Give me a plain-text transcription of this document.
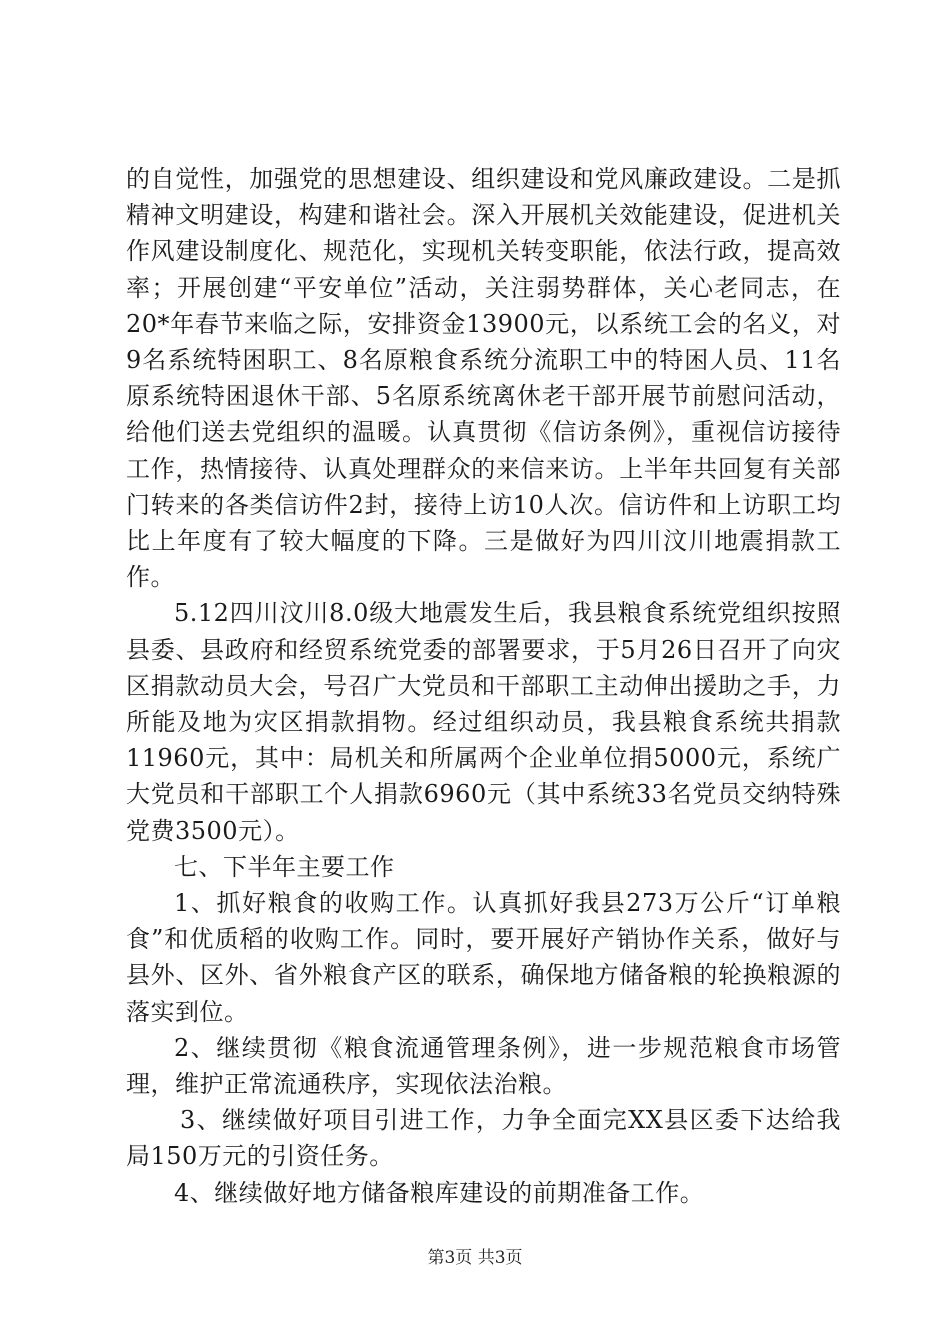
的自觉性，加强党的思想建设、组织建设和党风廉政建设。二是抓精神文明建设，构建和谐社会。深入开展机关效能建设，促进机关作风建设制度化、规范化，实现机关转变职能，依法行政，提高效率；开展创建“平安单位”活动，关注弱势群体，关心老同志，在20*年春节来临之际，安排资金13900元，以系统工会的名义，对9名系统特困职工、8名原粮食系统分流职工中的特困人员、11名原系统特困退休干部、5名原系统离休老干部开展节前慰问活动，给他们送去党组织的温暖。认真贯彻《信访条例》，重视信访接待工作，热情接待、认真处理群众的来信来访。上半年共回复有关部门转来的各类信访件2封，接待上访10人次。信访件和上访职工均比上年度有了较大幅度的下降。三是做好为四川汶川地震捐款工作。

5.12四川汶川8.0级大地震发生后，我县粮食系统党组织按照县委、县政府和经贸系统党委的部署要求，于5月26日召开了向灾区捐款动员大会，号召广大党员和干部职工主动伸出援助之手，力所能及地为灾区捐款捐物。经过组织动员，我县粮食系统共捐款11960元，其中：局机关和所属两个企业单位捐5000元，系统广大党员和干部职工个人捐款6960元（其中系统33名党员交纳特殊党费3500元）。

七、下半年主要工作

1、抓好粮食的收购工作。认真抓好我县273万公斤“订单粮食”和优质稻的收购工作。同时，要开展好产销协作关系，做好与县外、区外、省外粮食产区的联系，确保地方储备粮的轮换粮源的落实到位。

2、继续贯彻《粮食流通管理条例》，进一步规范粮食市场管理，维护正常流通秩序，实现依法治粮。

3、继续做好项目引进工作，力争全面完XX县区委下达给我局150万元的引资任务。

4、继续做好地方储备粮库建设的前期准备工作。

第3页 共3页
